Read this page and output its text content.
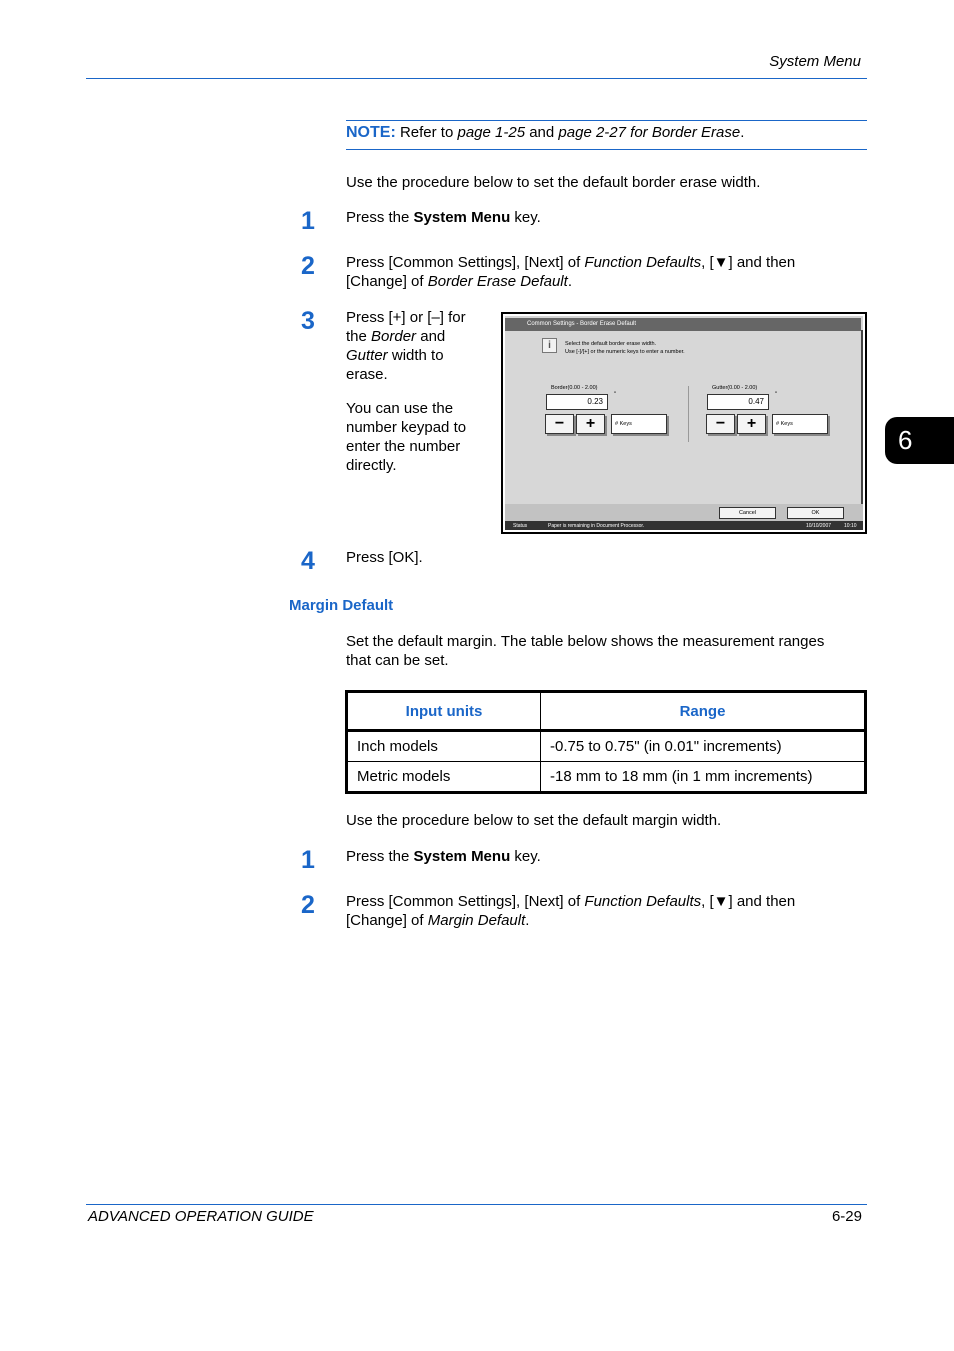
System Menu
NOTE: Refer to page 1-25 and page 2-27 for Border Erase.
Use the procedure below to set the default border erase width.
1 Press the System Menu key.
2 Press [Common Settings], [Next] of Function Defaults, [▼] and then
[Change] of Border Erase Default.
3 Press [+] or [–] for
the Border and
Gutter width to
erase.
You can use the
number keypad to
enter the number
directly.
Common Settings - Border Erase Default
i	Select the default border erase width.
Use [-]/[+] or the numeric keys to enter a number.
Border(0.00 - 2.00)
0.23
"
−	+	# Keys
Gutter(0.00 - 2.00)
0.47
"
−	+	# Keys
Cancel	OK
Status	Paper is remaining in Document Processor.	10/10/2007	10:10
4 Press [OK].
Margin Default
Set the default margin. The table below shows the measurement ranges
that can be set.
Input units	Range
Inch models	-0.75 to 0.75" (in 0.01" increments)
Metric models	-18 mm to 18 mm (in 1 mm increments)
Use the procedure below to set the default margin width.
1 Press the System Menu key.
2 Press [Common Settings], [Next] of Function Defaults, [▼] and then
[Change] of Margin Default.
6
ADVANCED OPERATION GUIDE	6-29
